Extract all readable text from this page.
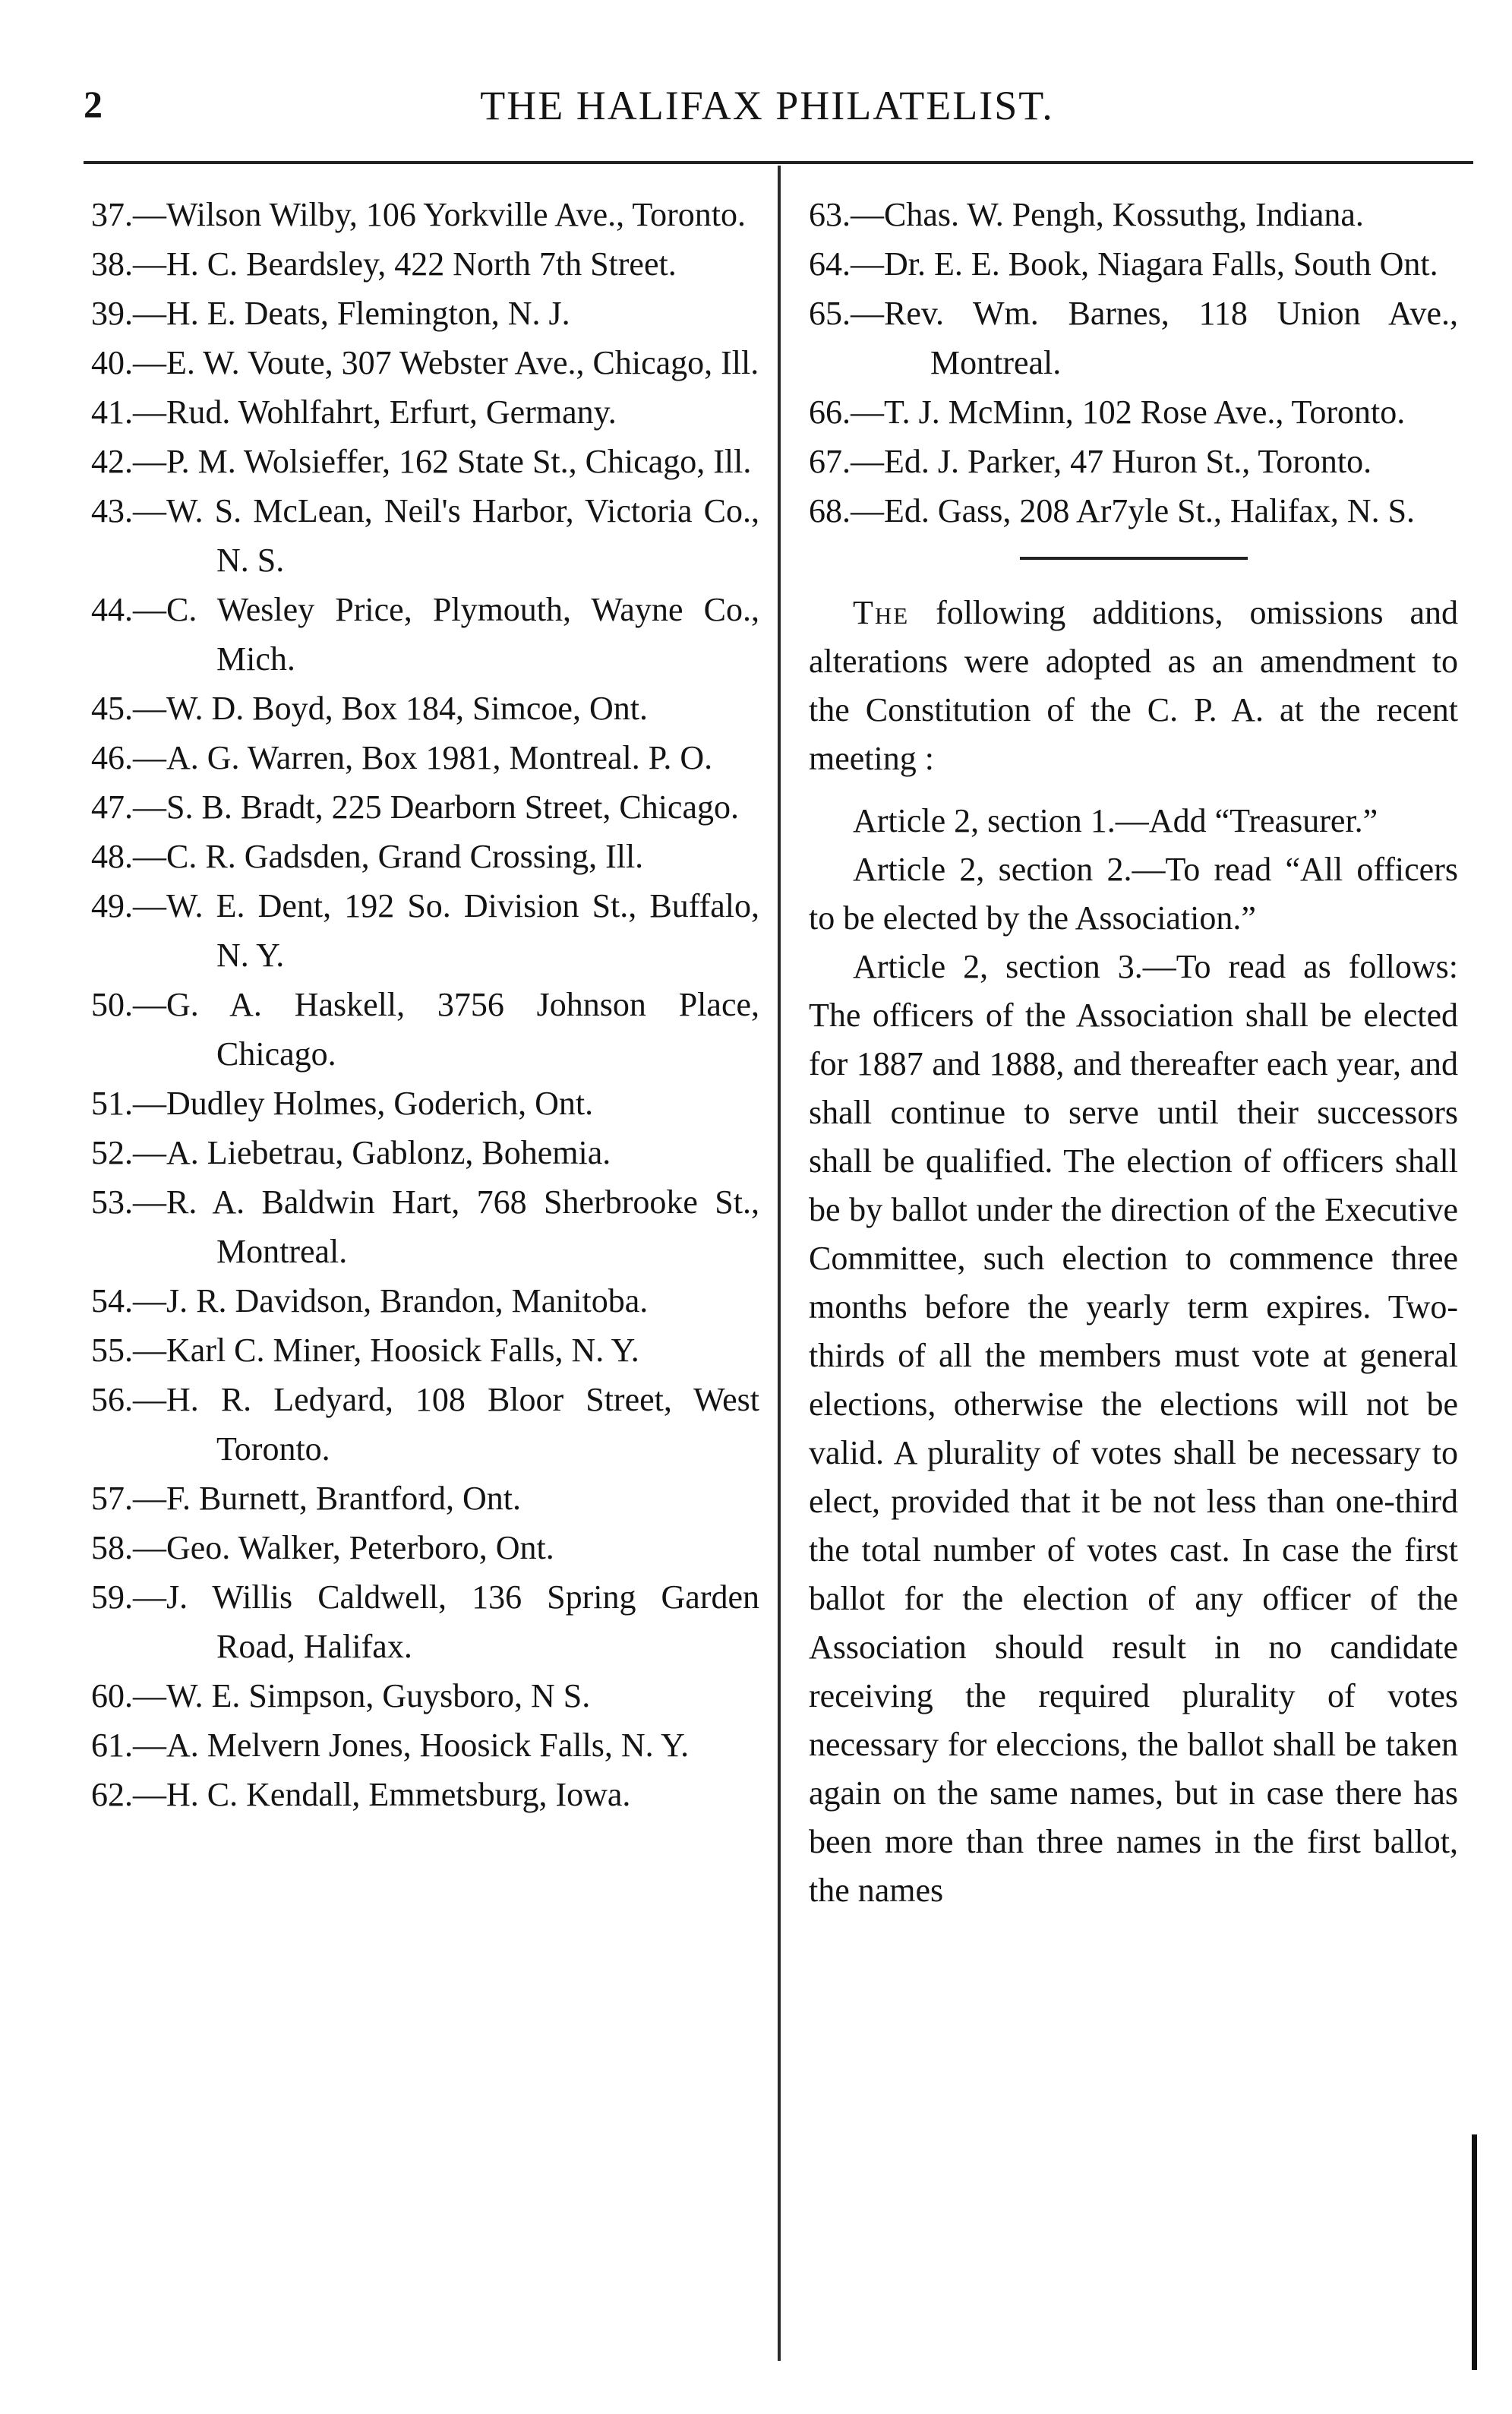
2	THE HALIFAX PHILATELIST.

37.—Wilson Wilby, 106 Yorkville Ave., Toronto.

38.—H. C. Beardsley, 422 North 7th Street.

39.—H. E. Deats, Flemington, N. J.

40.—E. W. Voute, 307 Webster Ave., Chicago, Ill.

41.—Rud. Wohlfahrt, Erfurt, Germany.

42.—P. M. Wolsieffer, 162 State St., Chicago, Ill.

43.—W. S. McLean, Neil's Harbor, Victoria Co., N. S.

44.—C. Wesley Price, Plymouth, Wayne Co., Mich.

45.—W. D. Boyd, Box 184, Simcoe, Ont.

46.—A. G. Warren, Box 1981, Montreal. P. O.

47.—S. B. Bradt, 225 Dearborn Street, Chicago.

48.—C. R. Gadsden, Grand Crossing, Ill.

49.—W. E. Dent, 192 So. Division St., Buffalo, N. Y.

50.—G. A. Haskell, 3756 Johnson Place, Chicago.

51.—Dudley Holmes, Goderich, Ont.

52.—A. Liebetrau, Gablonz, Bohemia.

53.—R. A. Baldwin Hart, 768 Sherbrooke St., Montreal.

54.—J. R. Davidson, Brandon, Manitoba.

55.—Karl C. Miner, Hoosick Falls, N. Y.

56.—H. R. Ledyard, 108 Bloor Street, West Toronto.

57.—F. Burnett, Brantford, Ont.

58.—Geo. Walker, Peterboro, Ont.

59.—J. Willis Caldwell, 136 Spring Garden Road, Halifax.

60.—W. E. Simpson, Guysboro, N S.

61.—A. Melvern Jones, Hoosick Falls, N. Y.

62.—H. C. Kendall, Emmetsburg, Iowa.

63.—Chas. W. Pengh, Kossuthg, Indiana.

64.—Dr. E. E. Book, Niagara Falls, South Ont.

65.—Rev. Wm. Barnes, 118 Union Ave., Montreal.

66.—T. J. McMinn, 102 Rose Ave., Toronto.

67.—Ed. J. Parker, 47 Huron St., Toronto.

68.—Ed. Gass, 208 Ar7yle St., Halifax, N. S.

The following additions, omissions and alterations were adopted as an amendment to the Constitution of the C. P. A. at the recent meeting :

Article 2, section 1.—Add “Treasurer.”

Article 2, section 2.—To read “All officers to be elected by the Association.”

Article 2, section 3.—To read as follows: The officers of the Association shall be elected for 1887 and 1888, and thereafter each year, and shall continue to serve until their successors shall be qualified. The election of officers shall be by ballot under the direction of the Executive Committee, such election to commence three months before the yearly term expires. Two-thirds of all the members must vote at general elections, otherwise the elections will not be valid. A plurality of votes shall be necessary to elect, provided that it be not less than one-third the total number of votes cast. In case the first ballot for the election of any officer of the Association should result in no candidate receiving the required plurality of votes necessary for eleccions, the ballot shall be taken again on the same names, but in case there has been more than three names in the first ballot, the names
